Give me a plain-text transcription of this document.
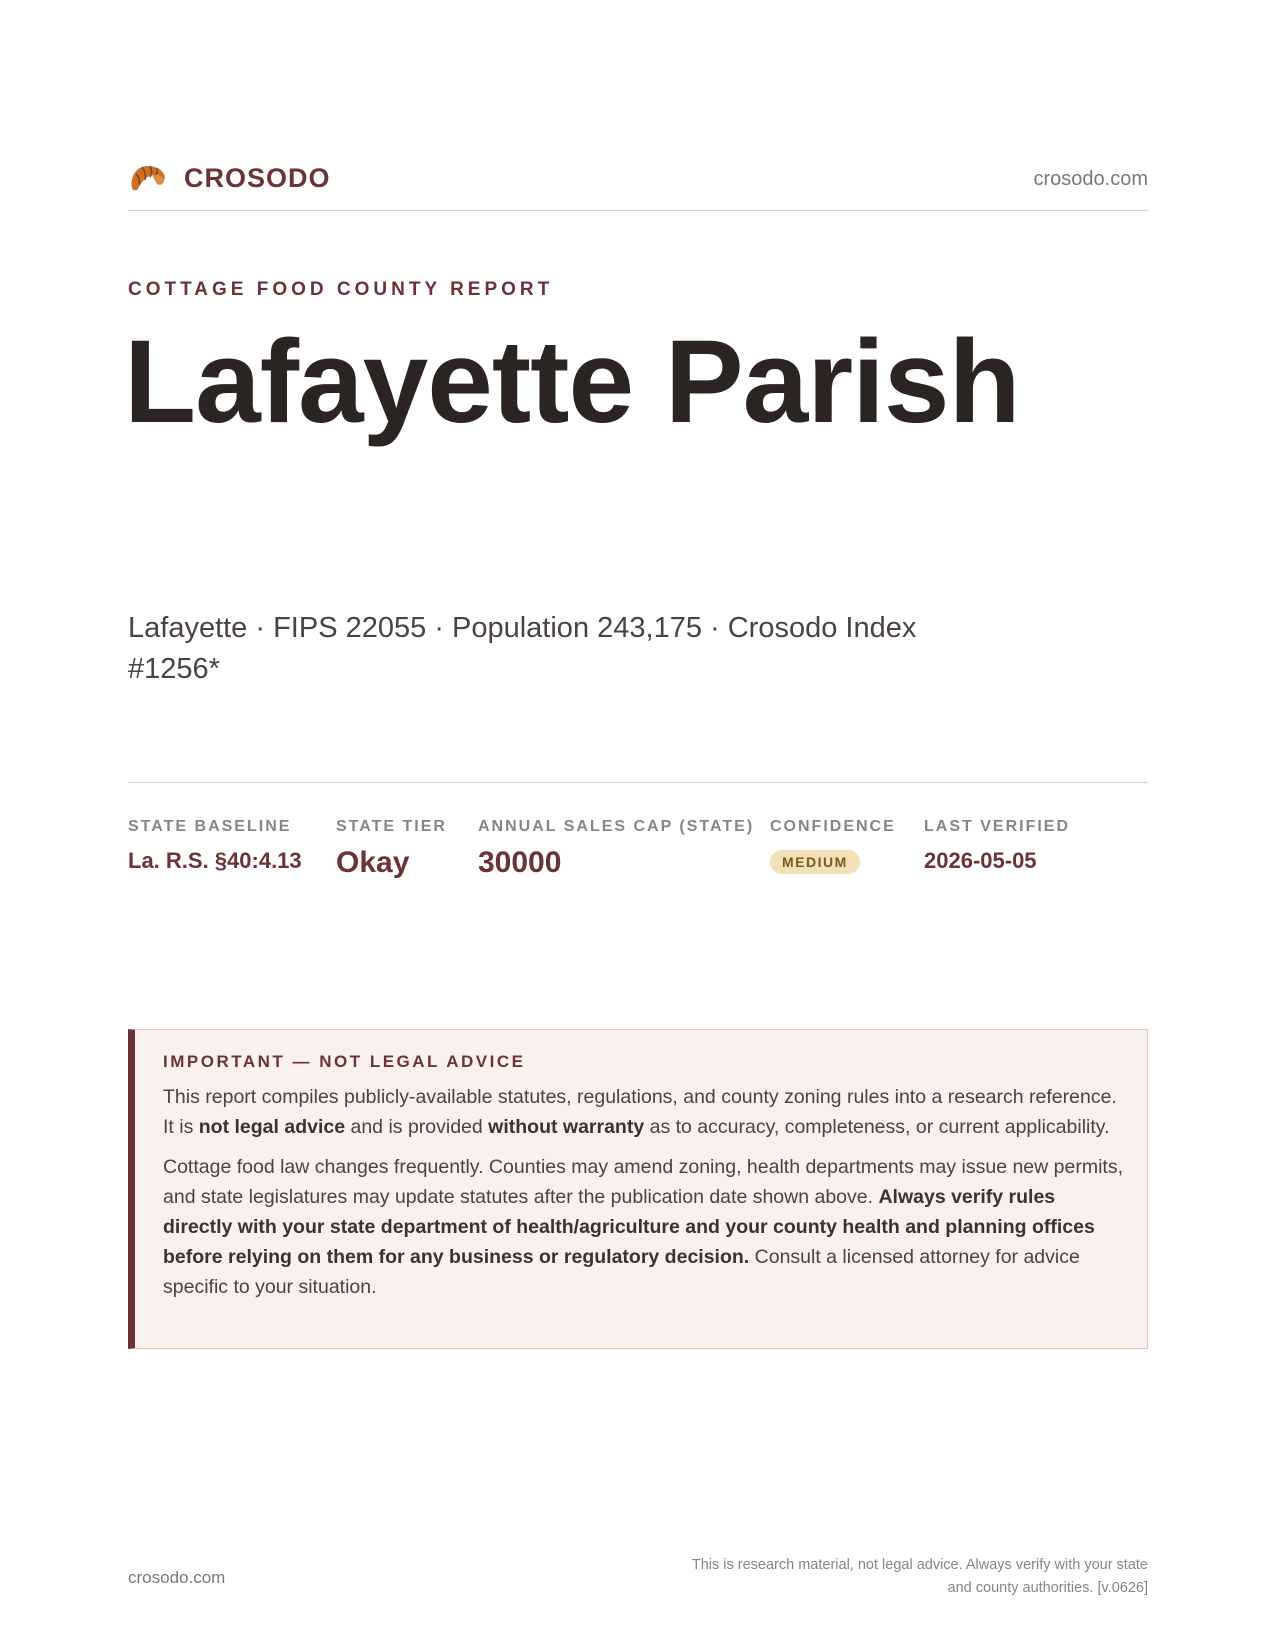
CROSODO	crosodo.com
COTTAGE FOOD COUNTY REPORT
Lafayette Parish

Lafayette · FIPS 22055 · Population 243,175 · Crosodo Index #1256*

STATE BASELINE
La. R.S. §40:4.13
STATE TIER
Okay
ANNUAL SALES CAP (STATE)
30000
CONFIDENCE
MEDIUM
LAST VERIFIED
2026-05-05
IMPORTANT — NOT LEGAL ADVICE

This report compiles publicly-available statutes, regulations, and county zoning rules into a research reference. It is not legal advice and is provided without warranty as to accuracy, completeness, or current applicability.

Cottage food law changes frequently. Counties may amend zoning, health departments may issue new permits, and state legislatures may update statutes after the publication date shown above. Always verify rules directly with your state department of health/agriculture and your county health and planning offices before relying on them for any business or regulatory decision. Consult a licensed attorney for advice specific to your situation.

crosodo.com
This is research material, not legal advice. Always verify with your state
and county authorities. [v.0626]
